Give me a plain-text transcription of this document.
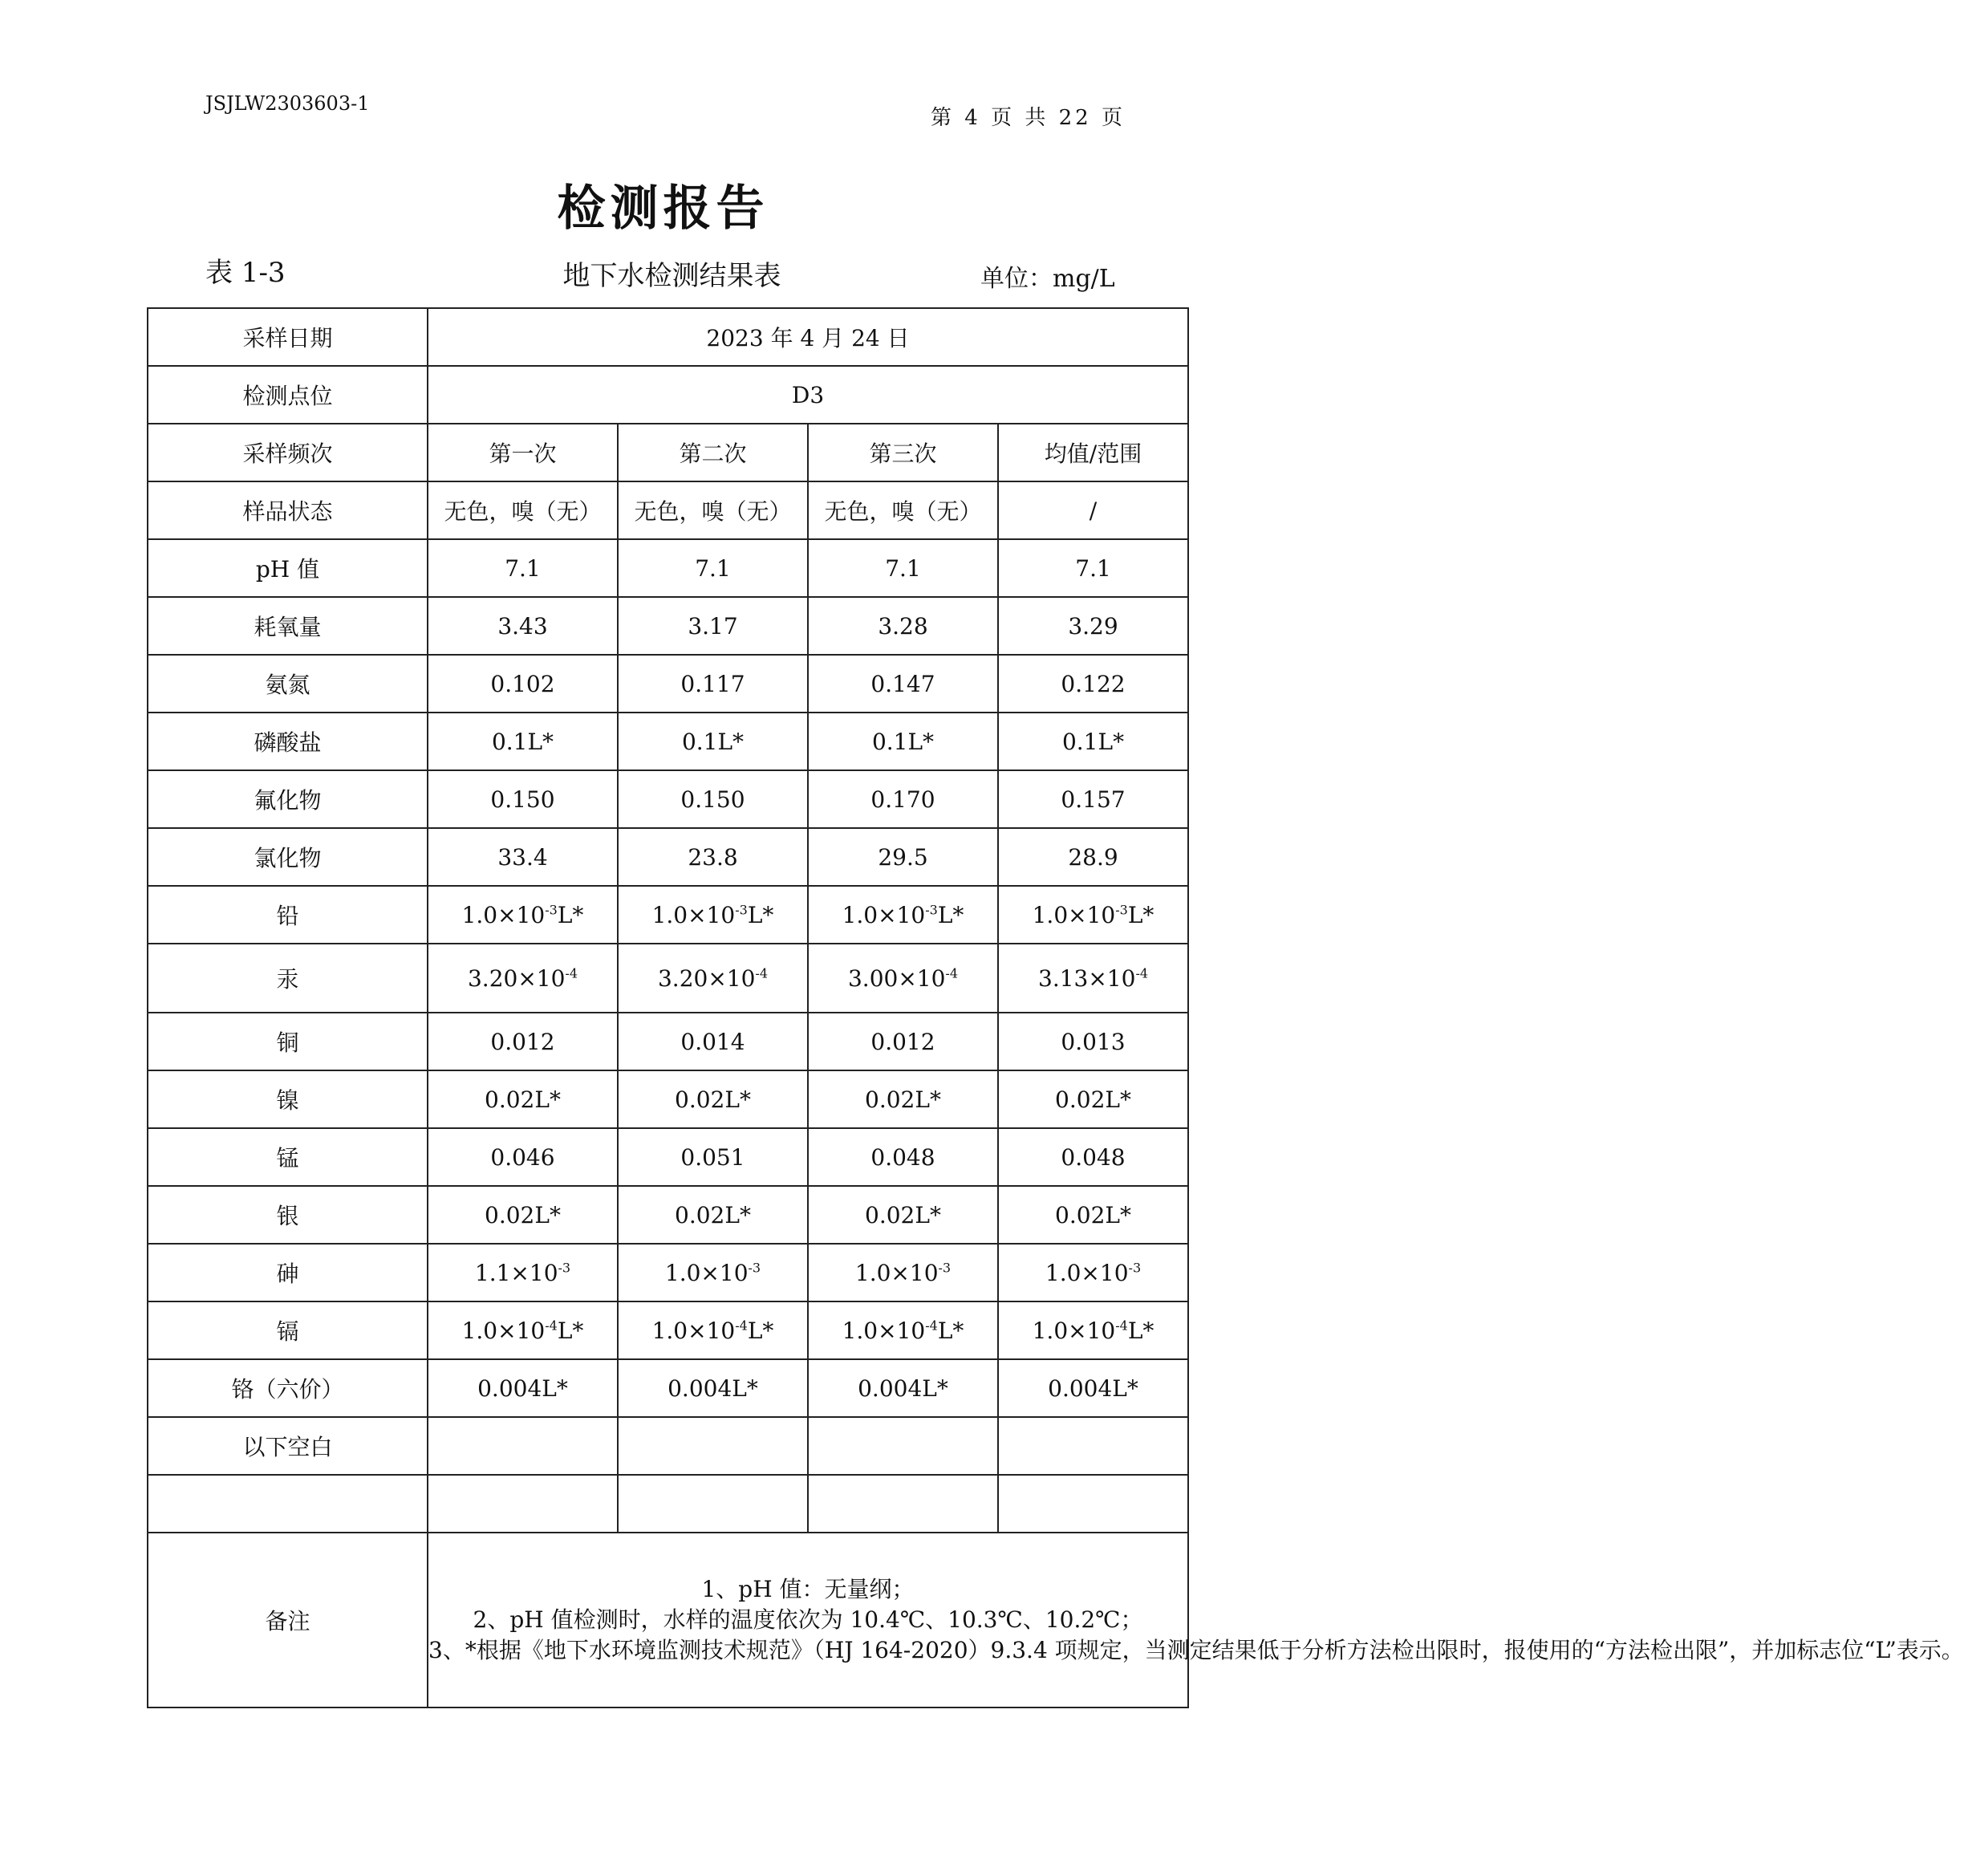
JSJLW2303603-1
第 4 页 共 22 页
检测报告
表 1-3	地下水检测结果表	单位：mg/L
采样日期	2023 年 4 月 24 日			
检测点位	D3			
采样频次	第一次	第二次	第三次	均值/范围
样品状态	无色，嗅（无）	无色，嗅（无）	无色，嗅（无）	/
pH 值	7.1	7.1	7.1	7.1
耗氧量	3.43	3.17	3.28	3.29
氨氮	0.102	0.117	0.147	0.122
磷酸盐	0.1L*	0.1L*	0.1L*	0.1L*
氟化物	0.150	0.150	0.170	0.157
氯化物	33.4	23.8	29.5	28.9
铅	$1.0\times 10^{-3}L*$	$1.0\times 10^{-3}L*$	$1.0\times 10^{-3}L*$	$1.0\times 10^{-3}L*$
汞	$3.20\times 10^{-4}$	$3.20\times 10^{-4}$	$3.00\times 10^{-4}$	$3.13\times 10^{-4}$
铜	0.012	0.014	0.012	0.013
镍	0.02L*	0.02L*	0.02L*	0.02L*
锰	0.046	0.051	0.048	0.048
银	0.02L*	0.02L*	0.02L*	0.02L*
砷	$1.1\times 10^{-3}$	$1.0\times 10^{-3}$	$1.0\times 10^{-3}$	$1.0\times 10^{-3}$
镉	$1.0\times 10^{-4}L*$	$1.0\times 10^{-4}L*$	$1.0\times 10^{-4}L*$	$1.0\times 10^{-4}L*$
铬（六价）	0.004L*	0.004L*	0.004L*	0.004L*
以下空白				

备注	1、pH 值：无量纲；
2、pH 值检测时，水样的温度依次为 10.4℃、10.3℃、10.2℃；
3、*根据《地下水环境监测技术规范》（HJ 164-2020）9.3.4 项规定，当测定结果低于分析方法检出限时，报使用的“方法检出限”，并加标志位“L”表示。			
